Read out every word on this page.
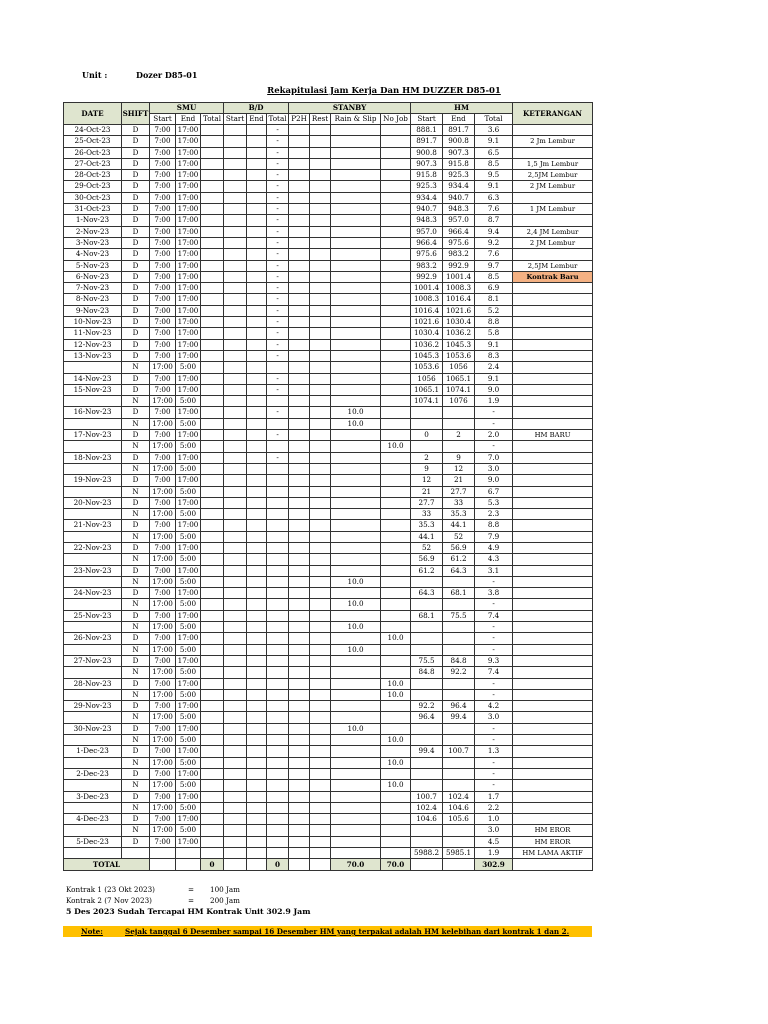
Unit :	Dozer D85-01
Rekapitulasi Jam Kerja Dan HM DUZZER D85-01
DATE	SHIFT	SMU			B/D			STANBY				HM			KETERANGAN
		Start	End	Total	Start	End	Total	P2H	Rest	Rain & Slip	No Job	Start	End	Total	
24-Oct-23	D	7:00	17:00				-					888.1	891.7	3.6	
25-Oct-23	D	7:00	17:00				-					891.7	900.8	9.1	2 Jm Lembur
26-Oct-23	D	7:00	17:00				-					900.8	907.3	6.5	
27-Oct-23	D	7:00	17:00				-					907.3	915.8	8.5	1,5 Jm Lembur
28-Oct-23	D	7:00	17:00				-					915.8	925.3	9.5	2,5JM Lembur
29-Oct-23	D	7:00	17:00				-					925.3	934.4	9.1	2 JM Lembur
30-Oct-23	D	7:00	17:00				-					934.4	940.7	6.3	
31-Oct-23	D	7:00	17:00				-					940.7	948.3	7.6	1 JM Lembur
1-Nov-23	D	7:00	17:00				-					948.3	957.0	8.7	
2-Nov-23	D	7:00	17:00				-					957.0	966.4	9.4	2,4 JM Lembur
3-Nov-23	D	7:00	17:00				-					966.4	975.6	9.2	2 JM Lembur
4-Nov-23	D	7:00	17:00				-					975.6	983.2	7.6	
5-Nov-23	D	7:00	17:00				-					983.2	992.9	9.7	2,5JM Lembur
6-Nov-23	D	7:00	17:00				-					992.9	1001.4	8.5	Kontrak Baru
7-Nov-23	D	7:00	17:00				-					1001.4	1008.3	6.9	
8-Nov-23	D	7:00	17:00				-					1008.3	1016.4	8.1	
9-Nov-23	D	7:00	17:00				-					1016.4	1021.6	5.2	
10-Nov-23	D	7:00	17:00				-					1021.6	1030.4	8.8	
11-Nov-23	D	7:00	17:00				-					1030.4	1036.2	5.8	
12-Nov-23	D	7:00	17:00				-					1036.2	1045.3	9.1	
13-Nov-23	D	7:00	17:00				-					1045.3	1053.6	8.3	
	N	17:00	5:00									1053.6	1056	2.4	
14-Nov-23	D	7:00	17:00				-					1056	1065.1	9.1	
15-Nov-23	D	7:00	17:00				-					1065.1	1074.1	9.0	
	N	17:00	5:00									1074.1	1076	1.9	
16-Nov-23	D	7:00	17:00				-			10.0				-	
	N	17:00	5:00							10.0				-	
17-Nov-23	D	7:00	17:00				-					0	2	2.0	HM BARU
	N	17:00	5:00								10.0			-	
18-Nov-23	D	7:00	17:00				-					2	9	7.0	
	N	17:00	5:00									9	12	3.0	
19-Nov-23	D	7:00	17:00									12	21	9.0	
	N	17:00	5:00									21	27.7	6.7	
20-Nov-23	D	7:00	17:00									27.7	33	5.3	
	N	17:00	5:00									33	35.3	2.3	
21-Nov-23	D	7:00	17:00									35.3	44.1	8.8	
	N	17:00	5:00									44.1	52	7.9	
22-Nov-23	D	7:00	17:00									52	56.9	4.9	
	N	17:00	5:00									56.9	61.2	4.3	
23-Nov-23	D	7:00	17:00									61.2	64.3	3.1	
	N	17:00	5:00							10.0				-	
24-Nov-23	D	7:00	17:00									64.3	68.1	3.8	
	N	17:00	5:00							10.0				-	
25-Nov-23	D	7:00	17:00									68.1	75.5	7.4	
	N	17:00	5:00							10.0				-	
26-Nov-23	D	7:00	17:00								10.0			-	
	N	17:00	5:00							10.0				-	
27-Nov-23	D	7:00	17:00									75.5	84.8	9.3	
	N	17:00	5:00									84.8	92.2	7.4	
28-Nov-23	D	7:00	17:00								10.0			-	
	N	17:00	5:00								10.0			-	
29-Nov-23	D	7:00	17:00									92.2	96.4	4.2	
	N	17:00	5:00									96.4	99.4	3.0	
30-Nov-23	D	7:00	17:00							10.0				-	
	N	17:00	5:00								10.0			-	
1-Dec-23	D	7:00	17:00									99.4	100.7	1.3	
	N	17:00	5:00								10.0			-	
2-Dec-23	D	7:00	17:00											-	
	N	17:00	5:00								10.0			-	
3-Dec-23	D	7:00	17:00									100.7	102.4	1.7	
	N	17:00	5:00									102.4	104.6	2.2	
4-Dec-23	D	7:00	17:00									104.6	105.6	1.0	
	N	17:00	5:00											3.0	HM EROR
5-Dec-23	D	7:00	17:00											4.5	HM EROR
												5988.2	5985.1	1.9	HM LAMA AKTIF
TOTAL				0			0			70.0	70.0			302.9	
Kontrak 1 (23 Okt 2023)	= 100 Jam
Kontrak 2 (7 Nov 2023)	= 200 Jam
5 Des 2023 Sudah Tercapai HM Kontrak Unit 302.9 Jam
Note:	Sejak tanggal 6 Desember sampai 16 Desember HM yang terpakai adalah HM kelebihan dari kontrak 1 dan 2.
